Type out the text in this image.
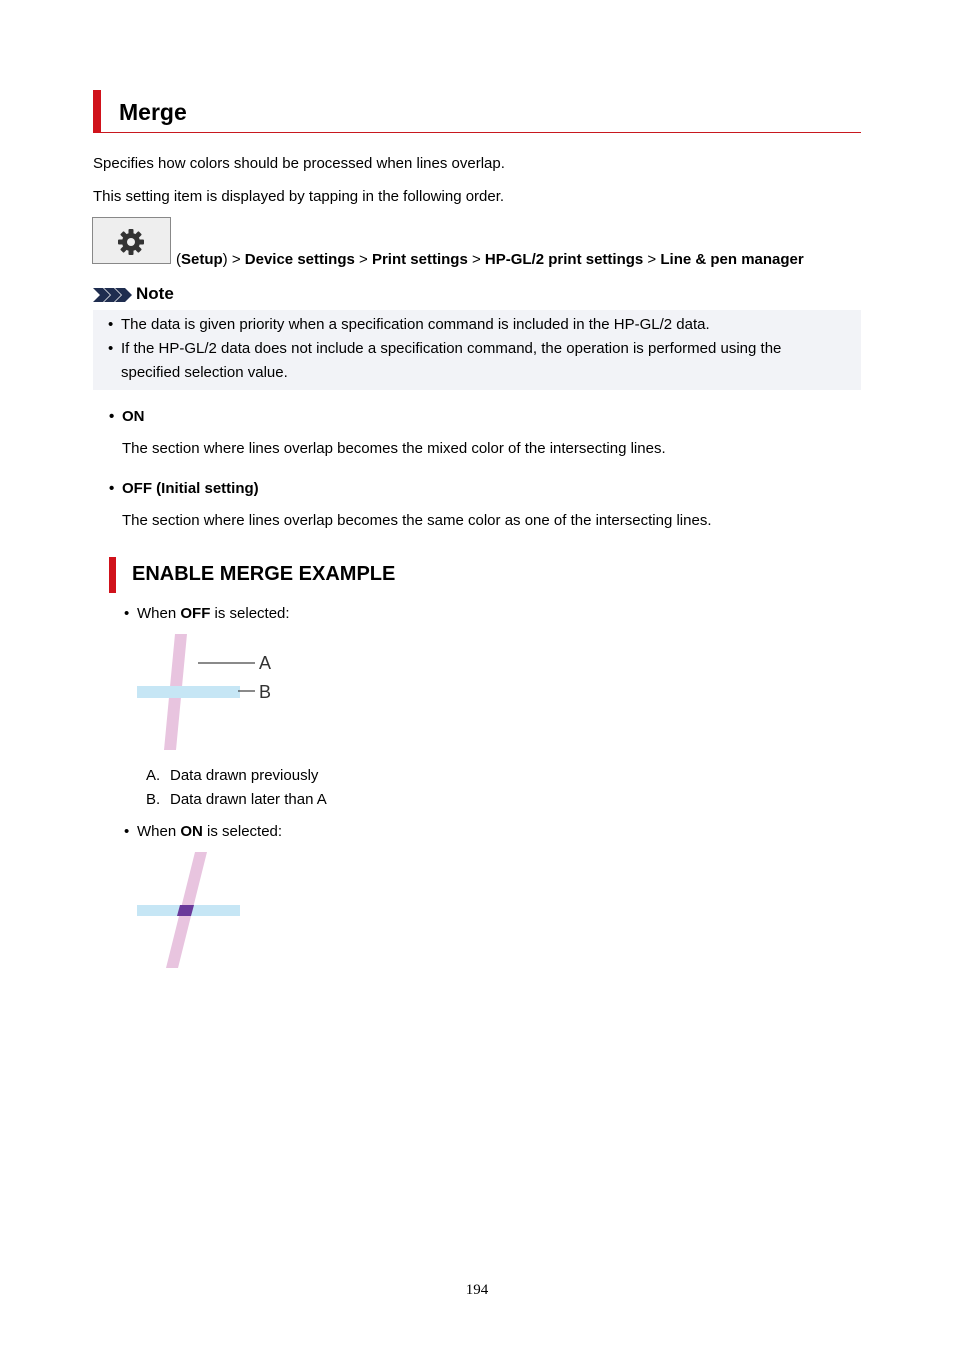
Merge
Specifies how colors should be processed when lines overlap.
This setting item is displayed by tapping in the following order.
(Setup) > Device settings > Print settings > HP-GL/2 print settings > Line & pen manager
Note
• The data is given priority when a specification command is included in the HP-GL/2 data.
• If the HP-GL/2 data does not include a specification command, the operation is performed using the
specified selection value.
• ON
The section where lines overlap becomes the mixed color of the intersecting lines.
• OFF (Initial setting)
The section where lines overlap becomes the same color as one of the intersecting lines.
ENABLE MERGE EXAMPLE
• When OFF is selected:
A
B
A. Data drawn previously
B. Data drawn later than A
• When ON is selected:
194
